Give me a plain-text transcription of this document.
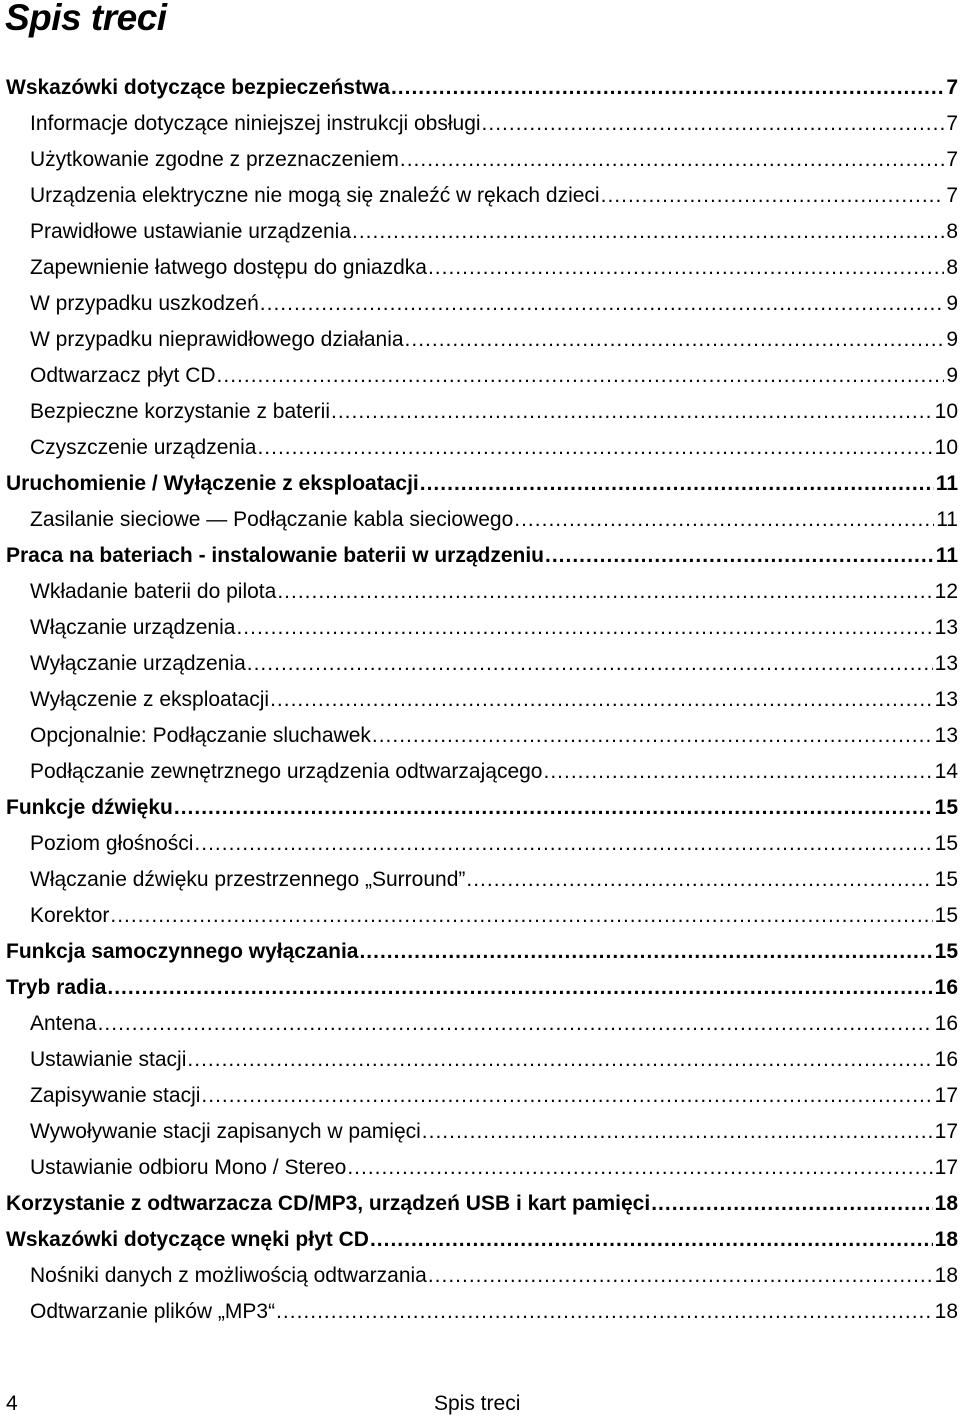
Spis treci
Wskazówki dotyczące bezpieczeństwa .....	7
Informacje dotyczące niniejszej instrukcji obsługi .....	7
Użytkowanie zgodne z przeznaczeniem .....	7
Urządzenia elektryczne nie mogą się znaleźć w rękach dzieci .....	7
Prawidłowe ustawianie urządzenia .....	8
Zapewnienie łatwego dostępu do gniazdka .....	8
W przypadku uszkodzeń .....	9
W przypadku nieprawidłowego działania .....	9
Odtwarzacz płyt CD .....	9
Bezpieczne korzystanie z baterii .....	10
Czyszczenie urządzenia .....	10
Uruchomienie / Wyłączenie z eksploatacji .....	11
Zasilanie sieciowe — Podłączanie kabla sieciowego .....	11
Praca na bateriach - instalowanie baterii w urządzeniu .....	11
Wkładanie baterii do pilota .....	12
Włączanie urządzenia .....	13
Wyłączanie urządzenia .....	13
Wyłączenie z eksploatacji .....	13
Opcjonalnie: Podłączanie sluchawek .....	13
Podłączanie zewnętrznego urządzenia odtwarzającego .....	14
Funkcje dźwięku .....	15
Poziom głośności .....	15
Włączanie dźwięku przestrzennego „Surround” .....	15
Korektor .....	15
Funkcja samoczynnego wyłączania .....	15
Tryb radia .....	16
Antena .....	16
Ustawianie stacji .....	16
Zapisywanie stacji .....	17
Wywoływanie stacji zapisanych w pamięci .....	17
Ustawianie odbioru Mono / Stereo .....	17
Korzystanie z odtwarzacza CD/MP3, urządzeń USB i kart pamięci .....	18
Wskazówki dotyczące wnęki płyt CD .....	18
Nośniki danych z możliwością odtwarzania .....	18
Odtwarzanie plików „MP3“ .....	18
4	Spis treci
